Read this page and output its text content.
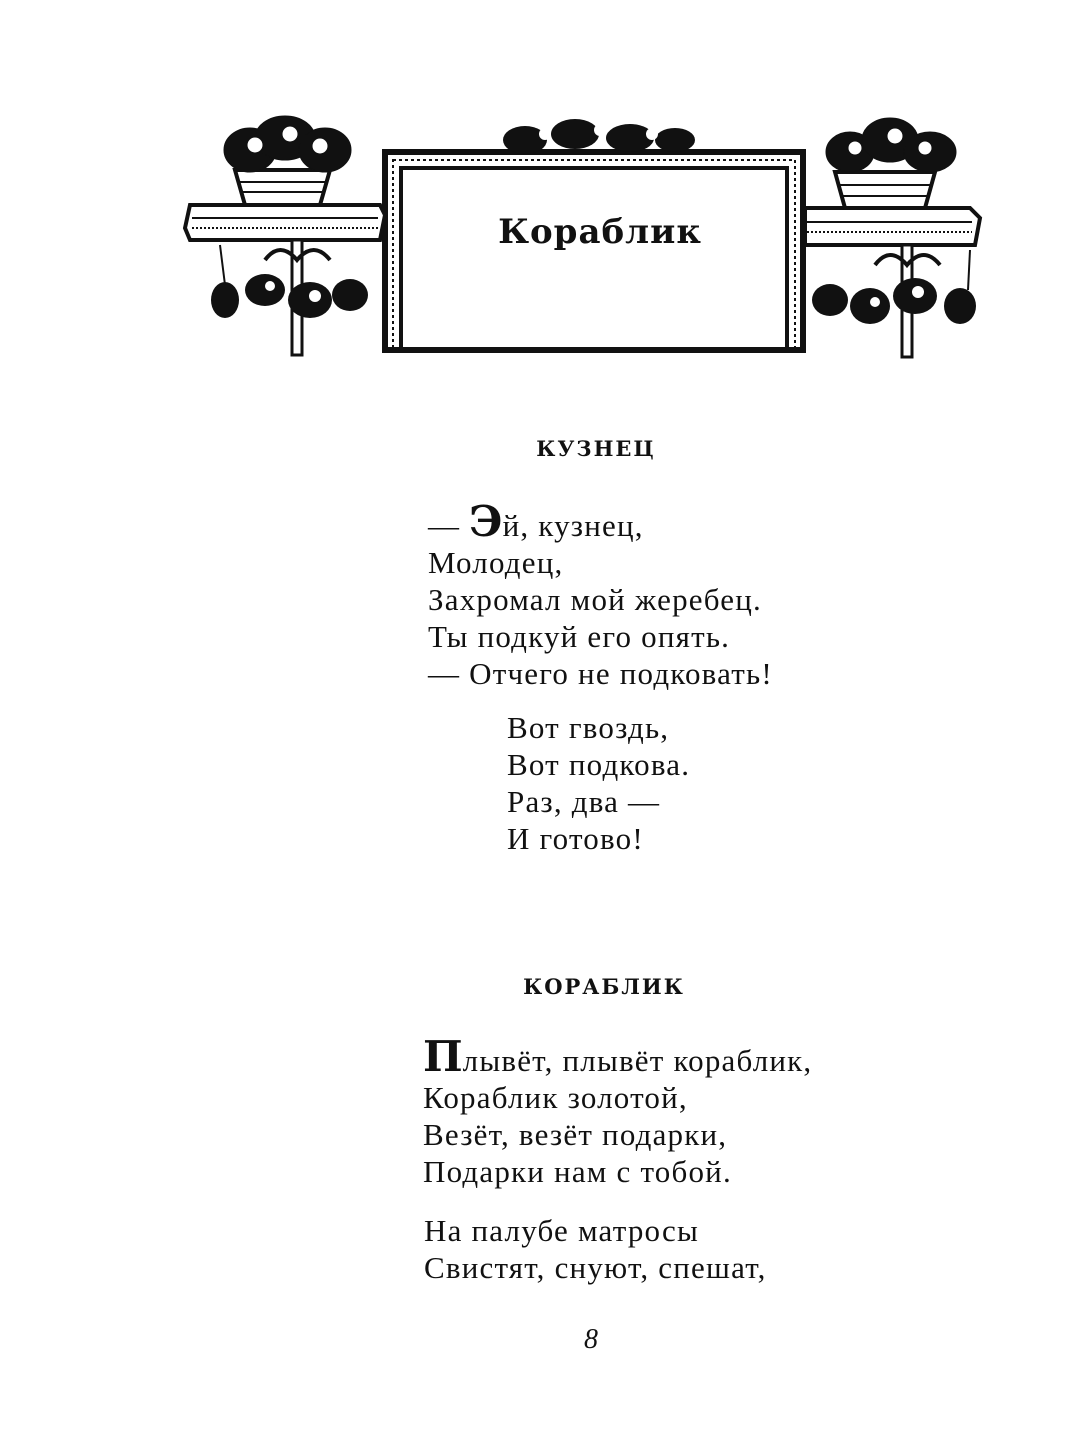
Кораблик
КУЗНЕЦ
— Эй, кузнец,
Молодец,
Захромал мой жеребец.
Ты подкуй его опять.
— Отчего не подковать!
Вот гвоздь,
Вот подкова.
Раз, два —
И готово!
КОРАБЛИК
Плывёт, плывёт кораблик,
Кораблик золотой,
Везёт, везёт подарки,
Подарки нам с тобой.
На палубе матросы
Свистят, снуют, спешат,
8
